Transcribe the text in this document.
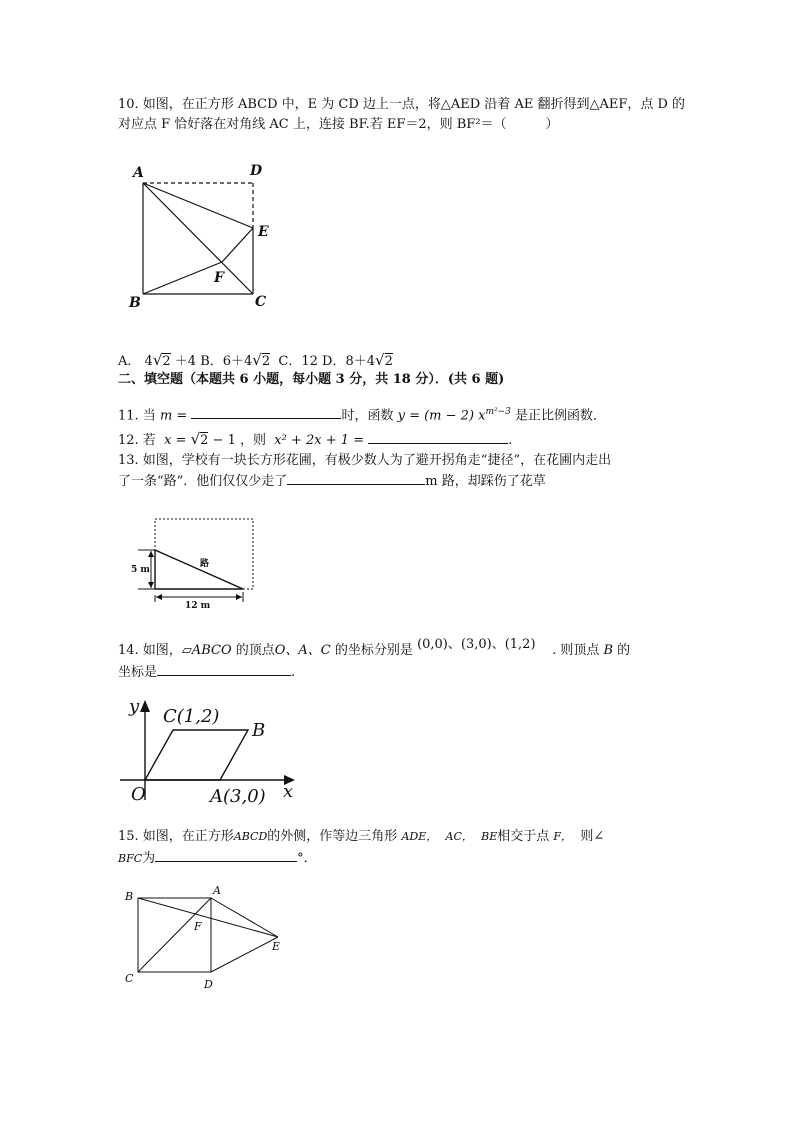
10. 如图，在正方形 ABCD 中，E 为 CD 边上一点，将△AED 沿着 AE 翻折得到△AEF，点 D 的
对应点 F 恰好落在对角线 AC 上，连接 BF.若 EF＝2，则 BF²＝（　　　）
A	D
E
F
B	C
A． 4√2 ＋4 B．6＋4√2 C．12 D．8＋4√2
二、填空题（本题共 6 小题，每小题 3 分，共 18 分）．(共 6 题)
11. 当 m =	时，函数 y = (m − 2) $x^{m^2-3}$ 是正比例函数．
12. 若 x = √2 − 1 ，则 x² + 2x + 1 =	.
13. 如图，学校有一块长方形花圃，有极少数人为了避开拐角走“捷径”，在花圃内走出
了一条“路”．他们仅仅少走了	m 路，却踩伤了花草
5 m
12 m
路
14. 如图，▱ABCO 的顶点O、A、C 的坐标分别是 (0,0)、(3,0)、(1,2) . 则顶点 B 的
坐标是	.
y
x
O
C(1,2)
B
A(3,0)
15. 如图，在正方形ABCD的外侧，作等边三角形 ADE， AC， BE相交于点 F， 则∠
BFC为	°．
B	A
F
E
C	D
